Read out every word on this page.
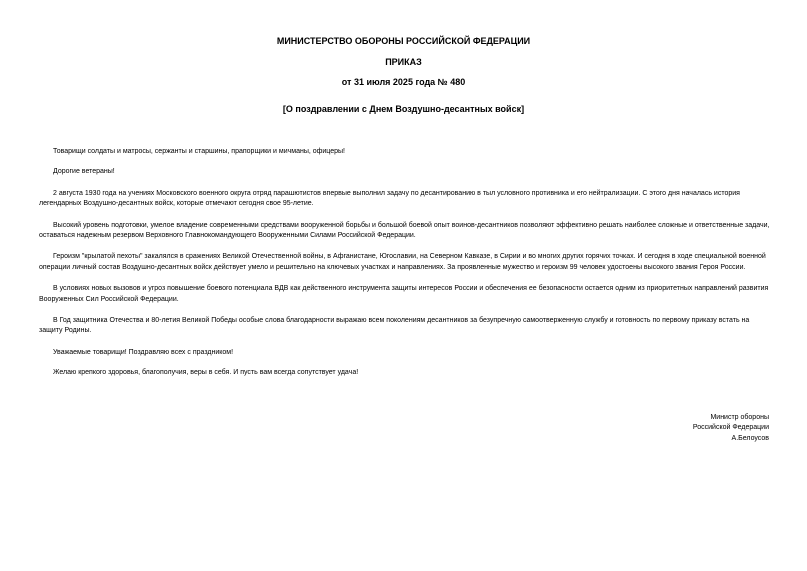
МИНИСТЕРСТВО ОБОРОНЫ РОССИЙСКОЙ ФЕДЕРАЦИИ
ПРИКАЗ
от 31 июля 2025 года № 480
[О поздравлении с Днем Воздушно-десантных войск]

Товарищи солдаты и матросы, сержанты и старшины, прапорщики и мичманы, офицеры!

Дорогие ветераны!

2 августа 1930 года на учениях Московского военного округа отряд парашютистов впервые выполнил задачу по десантированию в тыл условного противника и его нейтрализации. С этого дня началась история легендарных Воздушно-десантных войск, которые отмечают сегодня свое 95-летие.

Высокий уровень подготовки, умелое владение современными средствами вооруженной борьбы и большой боевой опыт воинов-десантников позволяют эффективно решать наиболее сложные и ответственные задачи, оставаться надежным резервом Верховного Главнокомандующего Вооруженными Силами Российской Федерации.

Героизм "крылатой пехоты" закалялся в сражениях Великой Отечественной войны, в Афганистане, Югославии, на Северном Кавказе, в Сирии и во многих других горячих точках. И сегодня в ходе специальной военной операции личный состав Воздушно-десантных войск действует умело и решительно на ключевых участках и направлениях. За проявленные мужество и героизм 99 человек удостоены высокого звания Героя России.

В условиях новых вызовов и угроз повышение боевого потенциала ВДВ как действенного инструмента защиты интересов России и обеспечения ее безопасности остается одним из приоритетных направлений развития Вооруженных Сил Российской Федерации.

В Год защитника Отечества и 80-летия Великой Победы особые слова благодарности выражаю всем поколениям десантников за безупречную самоотверженную службу и готовность по первому приказу встать на защиту Родины.

Уважаемые товарищи! Поздравляю всех с праздником!

Желаю крепкого здоровья, благополучия, веры в себя. И пусть вам всегда сопутствует удача!

Министр обороны
Российской Федерации
А.Белоусов
